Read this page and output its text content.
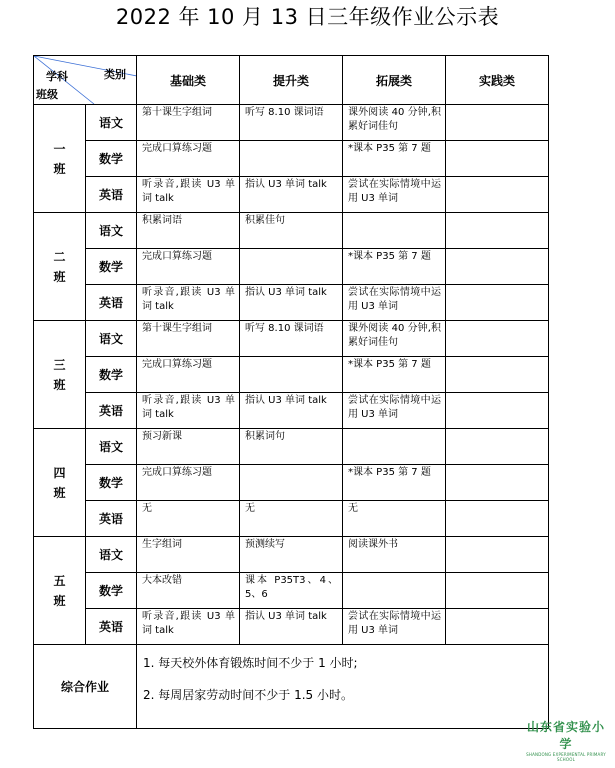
2022 年 10 月 13 日三年级作业公示表
类别
学科
班级		基础类	提升类	拓展类	实践类
一
班	语文	第十课生字组词	听写 8.10 课词语	课外阅读 40 分钟,积累好词佳句	
	数学	完成口算练习题		*课本 P35 第 7 题	
	英语	听录音,跟读 U3 单词 talk	指认 U3 单词 talk	尝试在实际情境中运用 U3 单词	
二
班	语文	积累词语	积累佳句		
	数学	完成口算练习题		*课本 P35 第 7 题	
	英语	听录音,跟读 U3 单词 talk	指认 U3 单词 talk	尝试在实际情境中运用 U3 单词	
三
班	语文	第十课生字组词	听写 8.10 课词语	课外阅读 40 分钟,积累好词佳句	
	数学	完成口算练习题		*课本 P35 第 7 题	
	英语	听录音,跟读 U3 单词 talk	指认 U3 单词 talk	尝试在实际情境中运用 U3 单词	
四
班	语文	预习新课	积累词句		
	数学	完成口算练习题		*课本 P35 第 7 题	
	英语	无	无	无	
五
班	语文	生字组词	预测续写	阅读课外书	
	数学	大本改错	课本 P35T3、4、5、6		
	英语	听录音,跟读 U3 单词 talk	指认 U3 单词 talk	尝试在实际情境中运用 U3 单词	
综合作业		1. 每天校外体育锻炼时间不少于 1 小时;
2. 每周居家劳动时间不少于 1.5 小时。			
山东省实验小学
SHANDONG EXPERIMENTAL PRIMARY SCHOOL
